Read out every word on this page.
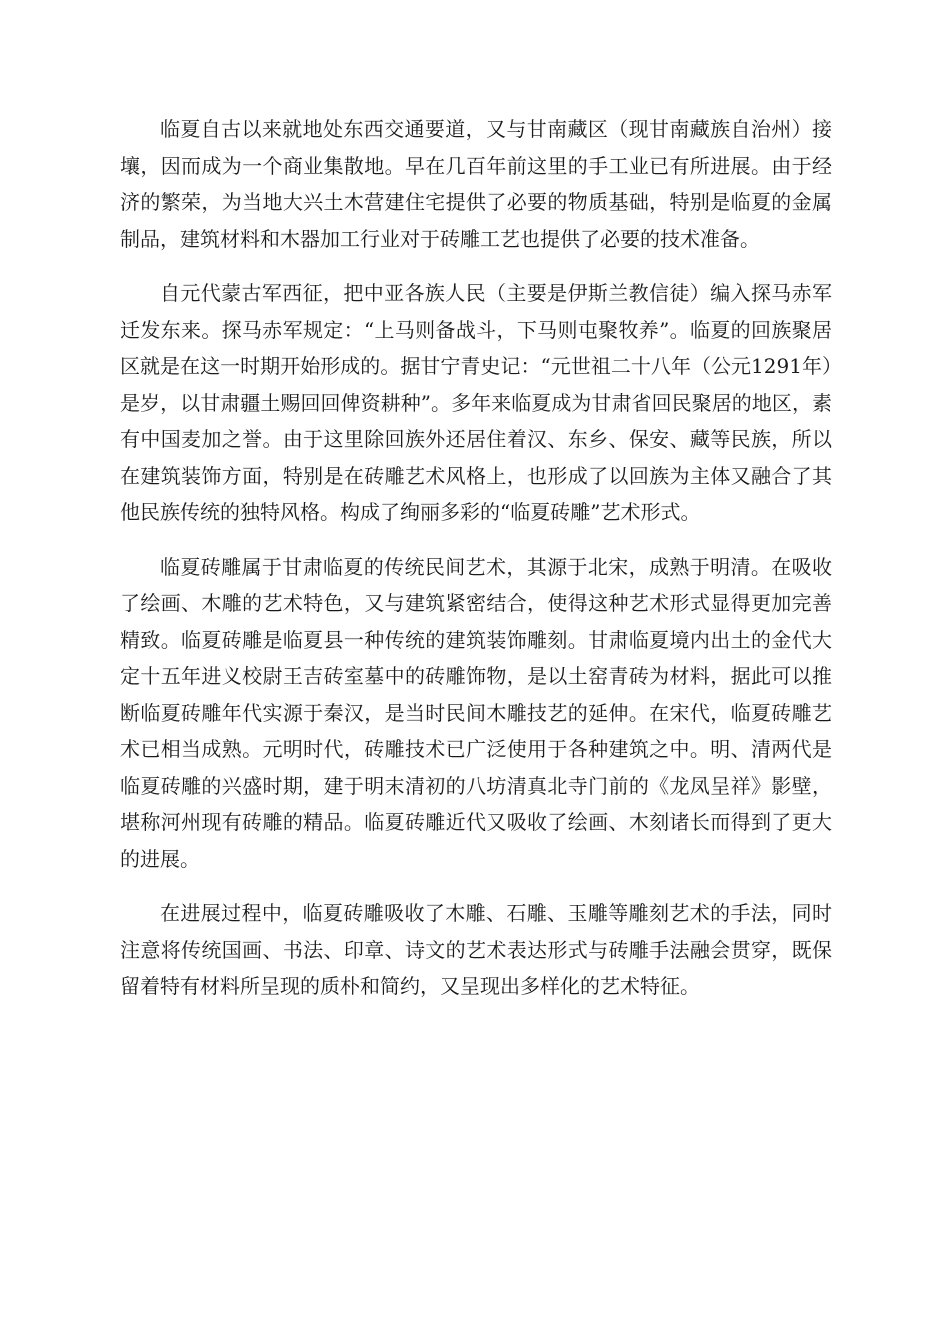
临夏自古以来就地处东西交通要道，又与甘南藏区（现甘南藏族自治州）接壤，因而成为一个商业集散地。早在几百年前这里的手工业已有所进展。由于经济的繁荣，为当地大兴土木营建住宅提供了必要的物质基础，特别是临夏的金属制品，建筑材料和木器加工行业对于砖雕工艺也提供了必要的技术准备。

自元代蒙古军西征，把中亚各族人民（主要是伊斯兰教信徒）编入探马赤军迁发东来。探马赤军规定：“上马则备战斗，下马则屯聚牧养”。临夏的回族聚居区就是在这一时期开始形成的。据甘宁青史记：“元世祖二十八年（公元1291年）是岁，以甘肃疆土赐回回俾资耕种”。多年来临夏成为甘肃省回民聚居的地区，素有中国麦加之誉。由于这里除回族外还居住着汉、东乡、保安、藏等民族，所以在建筑装饰方面，特别是在砖雕艺术风格上，也形成了以回族为主体又融合了其他民族传统的独特风格。构成了绚丽多彩的“临夏砖雕”艺术形式。

临夏砖雕属于甘肃临夏的传统民间艺术，其源于北宋，成熟于明清。在吸收了绘画、木雕的艺术特色，又与建筑紧密结合，使得这种艺术形式显得更加完善精致。临夏砖雕是临夏县一种传统的建筑装饰雕刻。甘肃临夏境内出土的金代大定十五年进义校尉王吉砖室墓中的砖雕饰物，是以土窑青砖为材料，据此可以推断临夏砖雕年代实源于秦汉，是当时民间木雕技艺的延伸。在宋代，临夏砖雕艺术已相当成熟。元明时代，砖雕技术已广泛使用于各种建筑之中。明、清两代是临夏砖雕的兴盛时期，建于明末清初的八坊清真北寺门前的《龙凤呈祥》影壁，堪称河州现有砖雕的精品。临夏砖雕近代又吸收了绘画、木刻诸长而得到了更大的进展。

在进展过程中，临夏砖雕吸收了木雕、石雕、玉雕等雕刻艺术的手法，同时注意将传统国画、书法、印章、诗文的艺术表达形式与砖雕手法融会贯穿，既保留着特有材料所呈现的质朴和简约，又呈现出多样化的艺术特征。
